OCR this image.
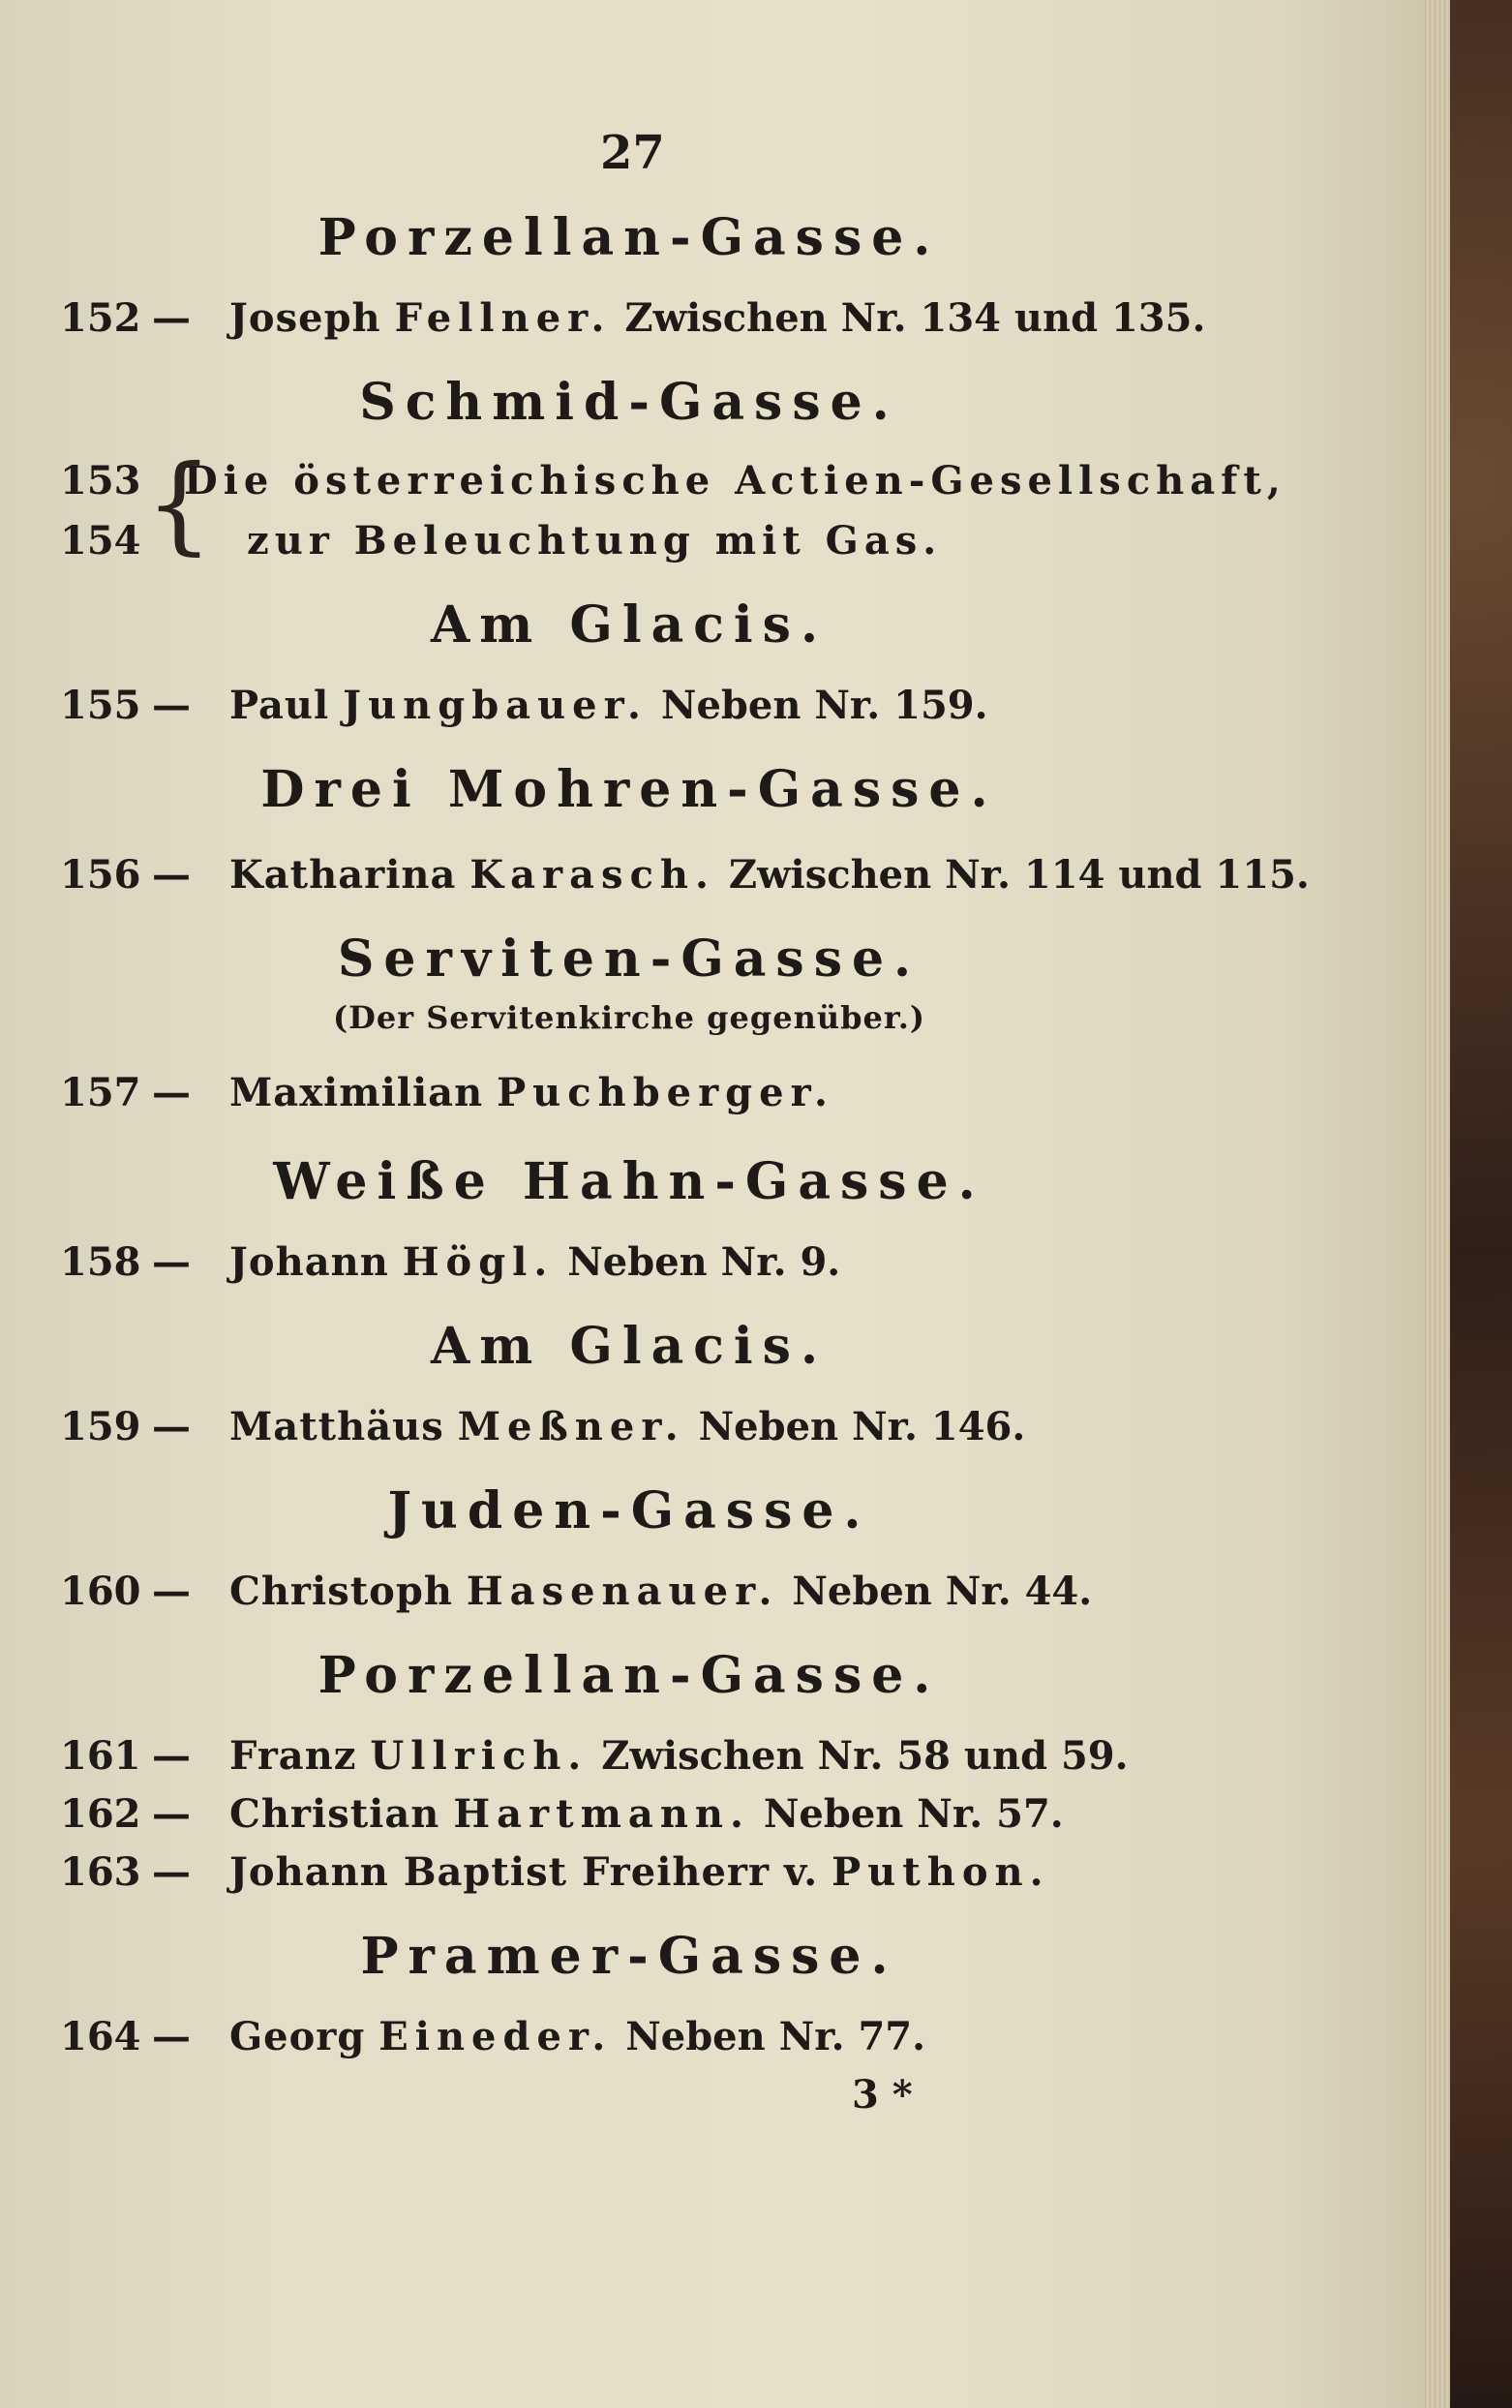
27
Porzellan-Gasse.
152 — Joseph Fellner. Zwischen Nr. 134 und 135.
Schmid-Gasse.
153
154 {
Die österreichische Actien-Gesellschaft,
zur Beleuchtung mit Gas.
Am Glacis.
155 — Paul Jungbauer. Neben Nr. 159.
Drei Mohren-Gasse.
156 — Katharina Karasch. Zwischen Nr. 114 und 115.
Serviten-Gasse.
(Der Servitenkirche gegenüber.)
157 — Maximilian Puchberger.
Weiße Hahn-Gasse.
158 — Johann Högl. Neben Nr. 9.
Am Glacis.
159 — Matthäus Meßner. Neben Nr. 146.
Juden-Gasse.
160 — Christoph Hasenauer. Neben Nr. 44.
Porzellan-Gasse.
161 — Franz Ullrich. Zwischen Nr. 58 und 59.
162 — Christian Hartmann. Neben Nr. 57.
163 — Johann Baptist Freiherr v. Puthon.
Pramer-Gasse.
164 — Georg Eineder. Neben Nr. 77.
3 *
